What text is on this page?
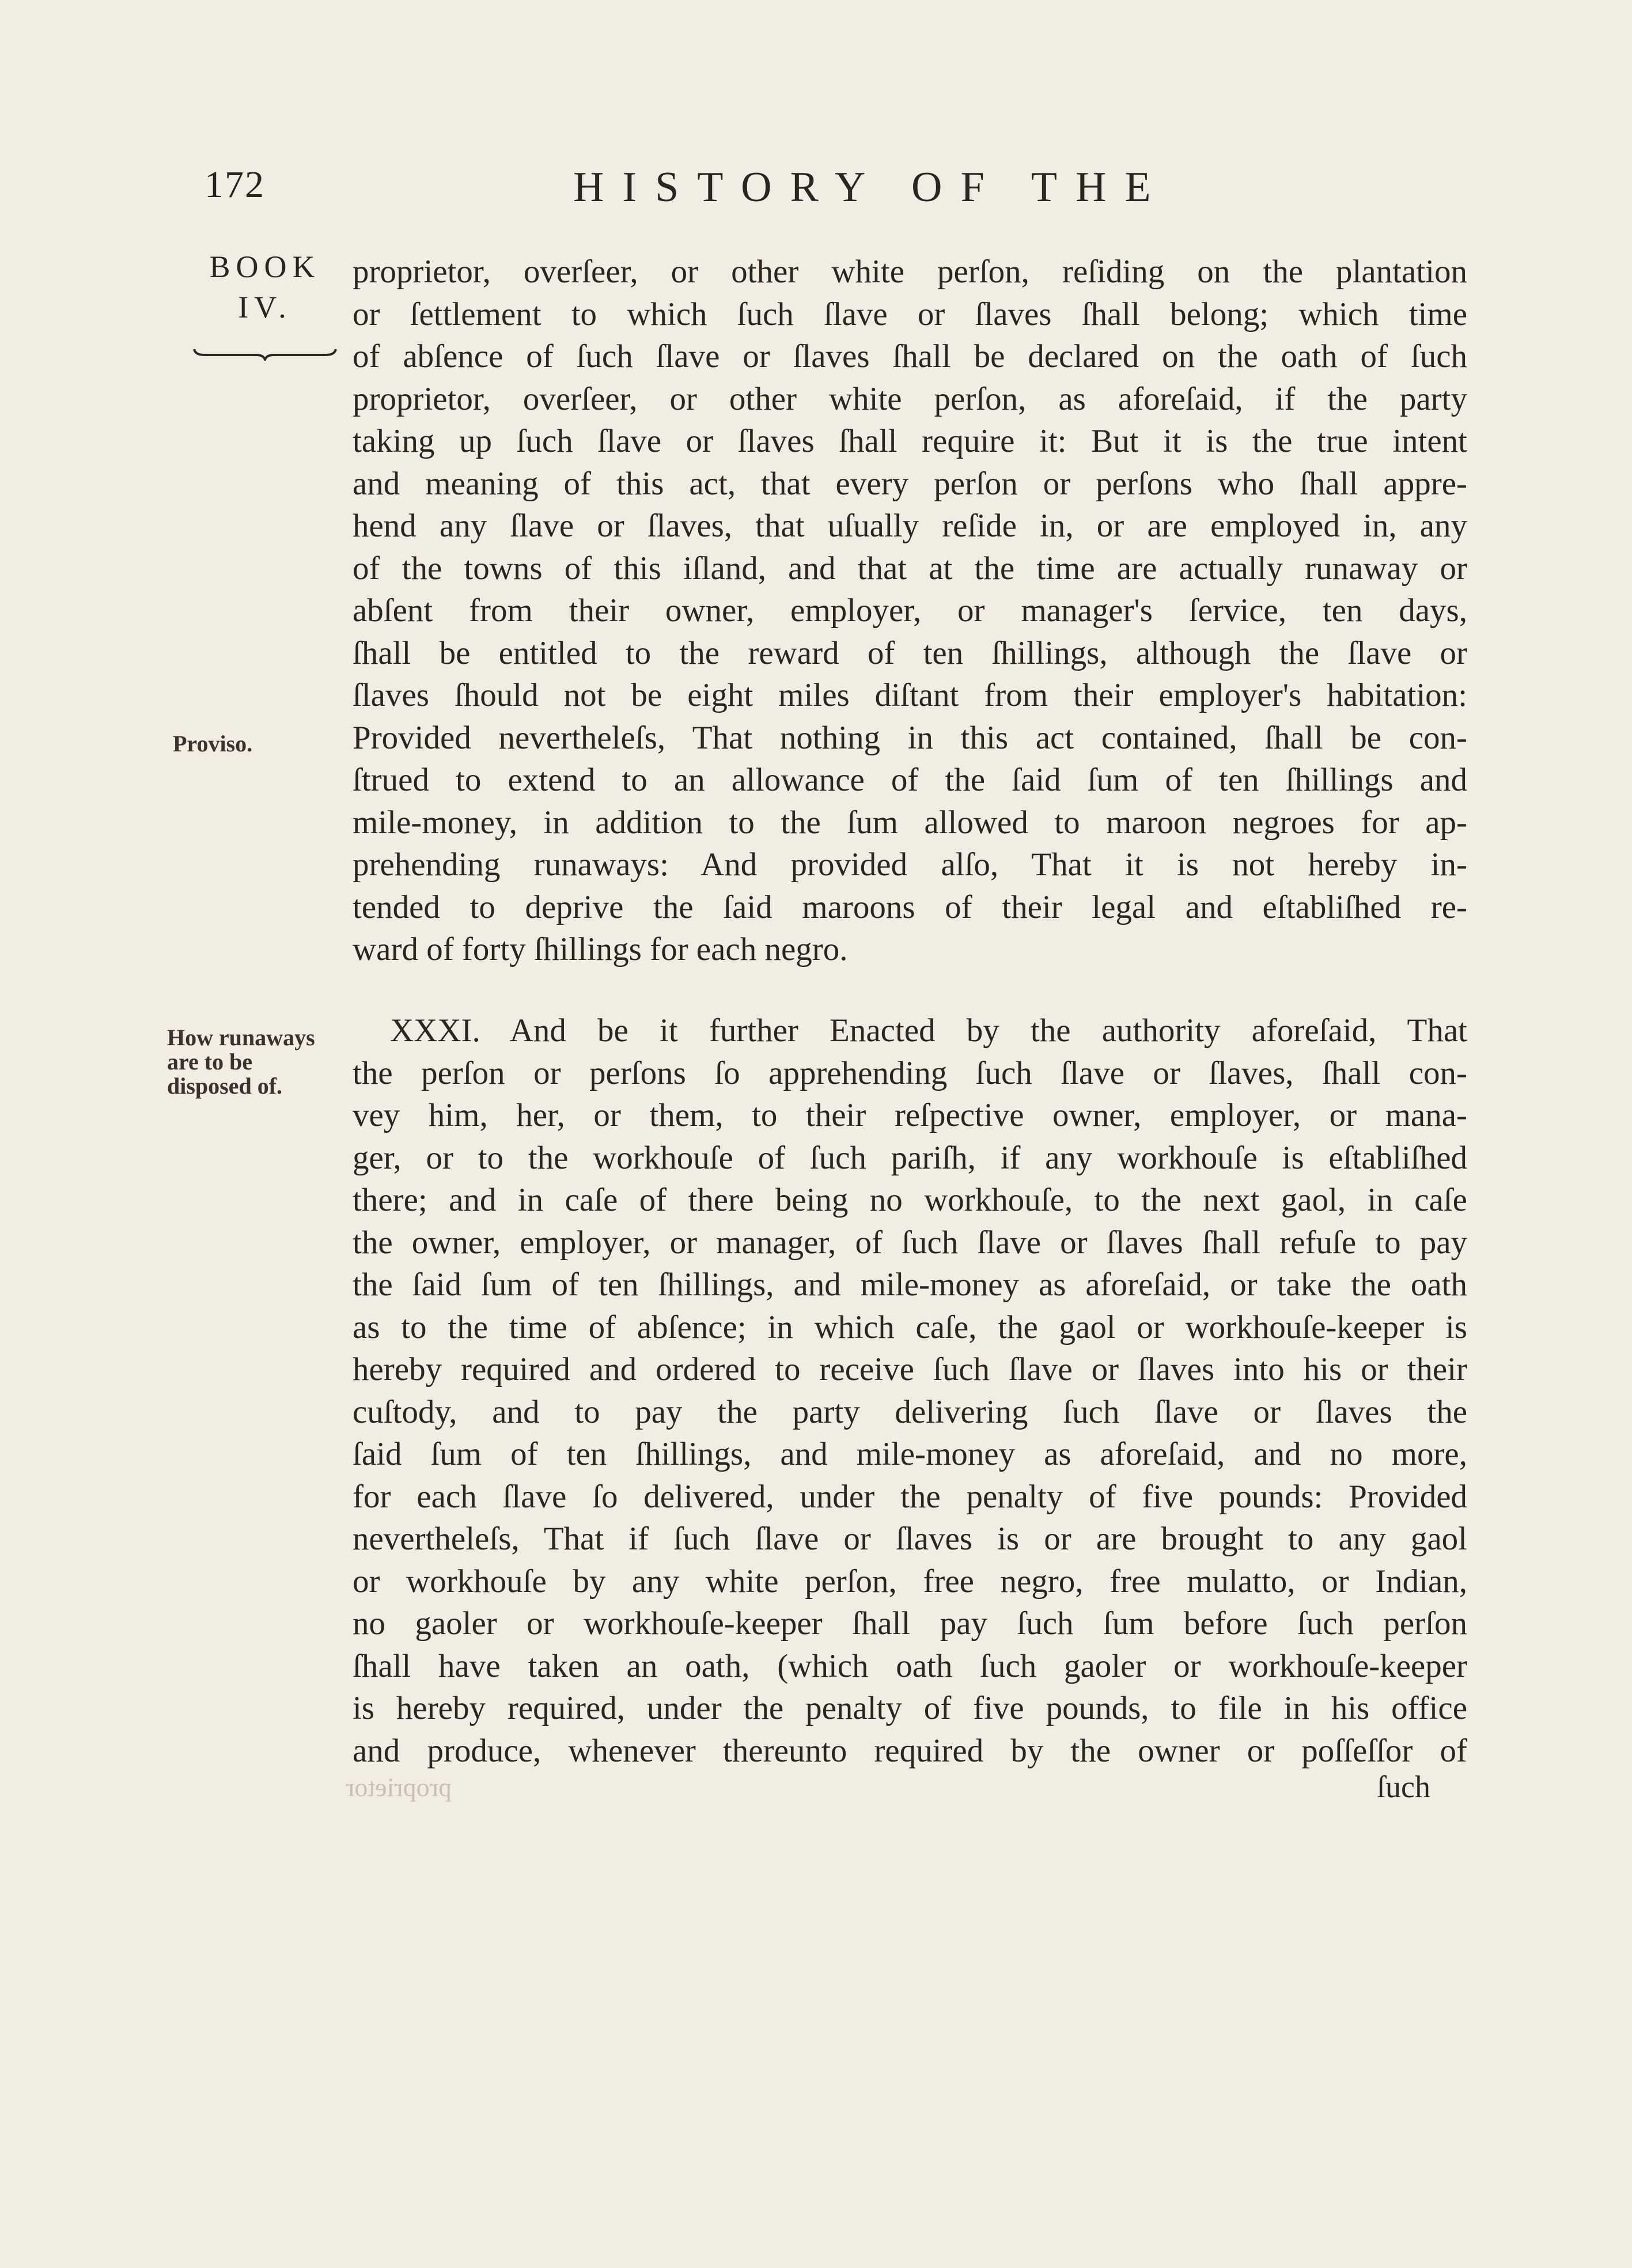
172	HISTORY OF THE
BOOK
IV.
Proviso.
How runaways are to be disposed of.
proprietor, overſeer, or other white perſon, reſiding on the plantation
or ſettlement to which ſuch ſlave or ſlaves ſhall belong; which time
of abſence of ſuch ſlave or ſlaves ſhall be declared on the oath of ſuch
proprietor, overſeer, or other white perſon, as aforeſaid, if the party
taking up ſuch ſlave or ſlaves ſhall require it: But it is the true intent
and meaning of this act, that every perſon or perſons who ſhall appre-
hend any ſlave or ſlaves, that uſually reſide in, or are employed in, any
of the towns of this iſland, and that at the time are actually runaway or
abſent from their owner, employer, or manager's ſervice, ten days,
ſhall be entitled to the reward of ten ſhillings, although the ſlave or
ſlaves ſhould not be eight miles diſtant from their employer's habitation:
Provided nevertheleſs, That nothing in this act contained, ſhall be con-
ſtrued to extend to an allowance of the ſaid ſum of ten ſhillings and
mile-money, in addition to the ſum allowed to maroon negroes for ap-
prehending runaways: And provided alſo, That it is not hereby in-
tended to deprive the ſaid maroons of their legal and eſtabliſhed re-
ward of forty ſhillings for each negro.
XXXI. And be it further Enacted by the authority aforeſaid, That
the perſon or perſons ſo apprehending ſuch ſlave or ſlaves, ſhall con-
vey him, her, or them, to their reſpective owner, employer, or mana-
ger, or to the workhouſe of ſuch pariſh, if any workhouſe is eſtabliſhed
there; and in caſe of there being no workhouſe, to the next gaol, in caſe
the owner, employer, or manager, of ſuch ſlave or ſlaves ſhall refuſe to pay
the ſaid ſum of ten ſhillings, and mile-money as aforeſaid, or take the oath
as to the time of abſence; in which caſe, the gaol or workhouſe-keeper is
hereby required and ordered to receive ſuch ſlave or ſlaves into his or their
cuſtody, and to pay the party delivering ſuch ſlave or ſlaves the
ſaid ſum of ten ſhillings, and mile-money as aforeſaid, and no more,
for each ſlave ſo delivered, under the penalty of five pounds: Provided
nevertheleſs, That if ſuch ſlave or ſlaves is or are brought to any gaol
or workhouſe by any white perſon, free negro, free mulatto, or Indian,
no gaoler or workhouſe-keeper ſhall pay ſuch ſum before ſuch perſon
ſhall have taken an oath, (which oath ſuch gaoler or workhouſe-keeper
is hereby required, under the penalty of five pounds, to file in his office
and produce, whenever thereunto required by the owner or poſſeſſor of
proprietor	ſuch
